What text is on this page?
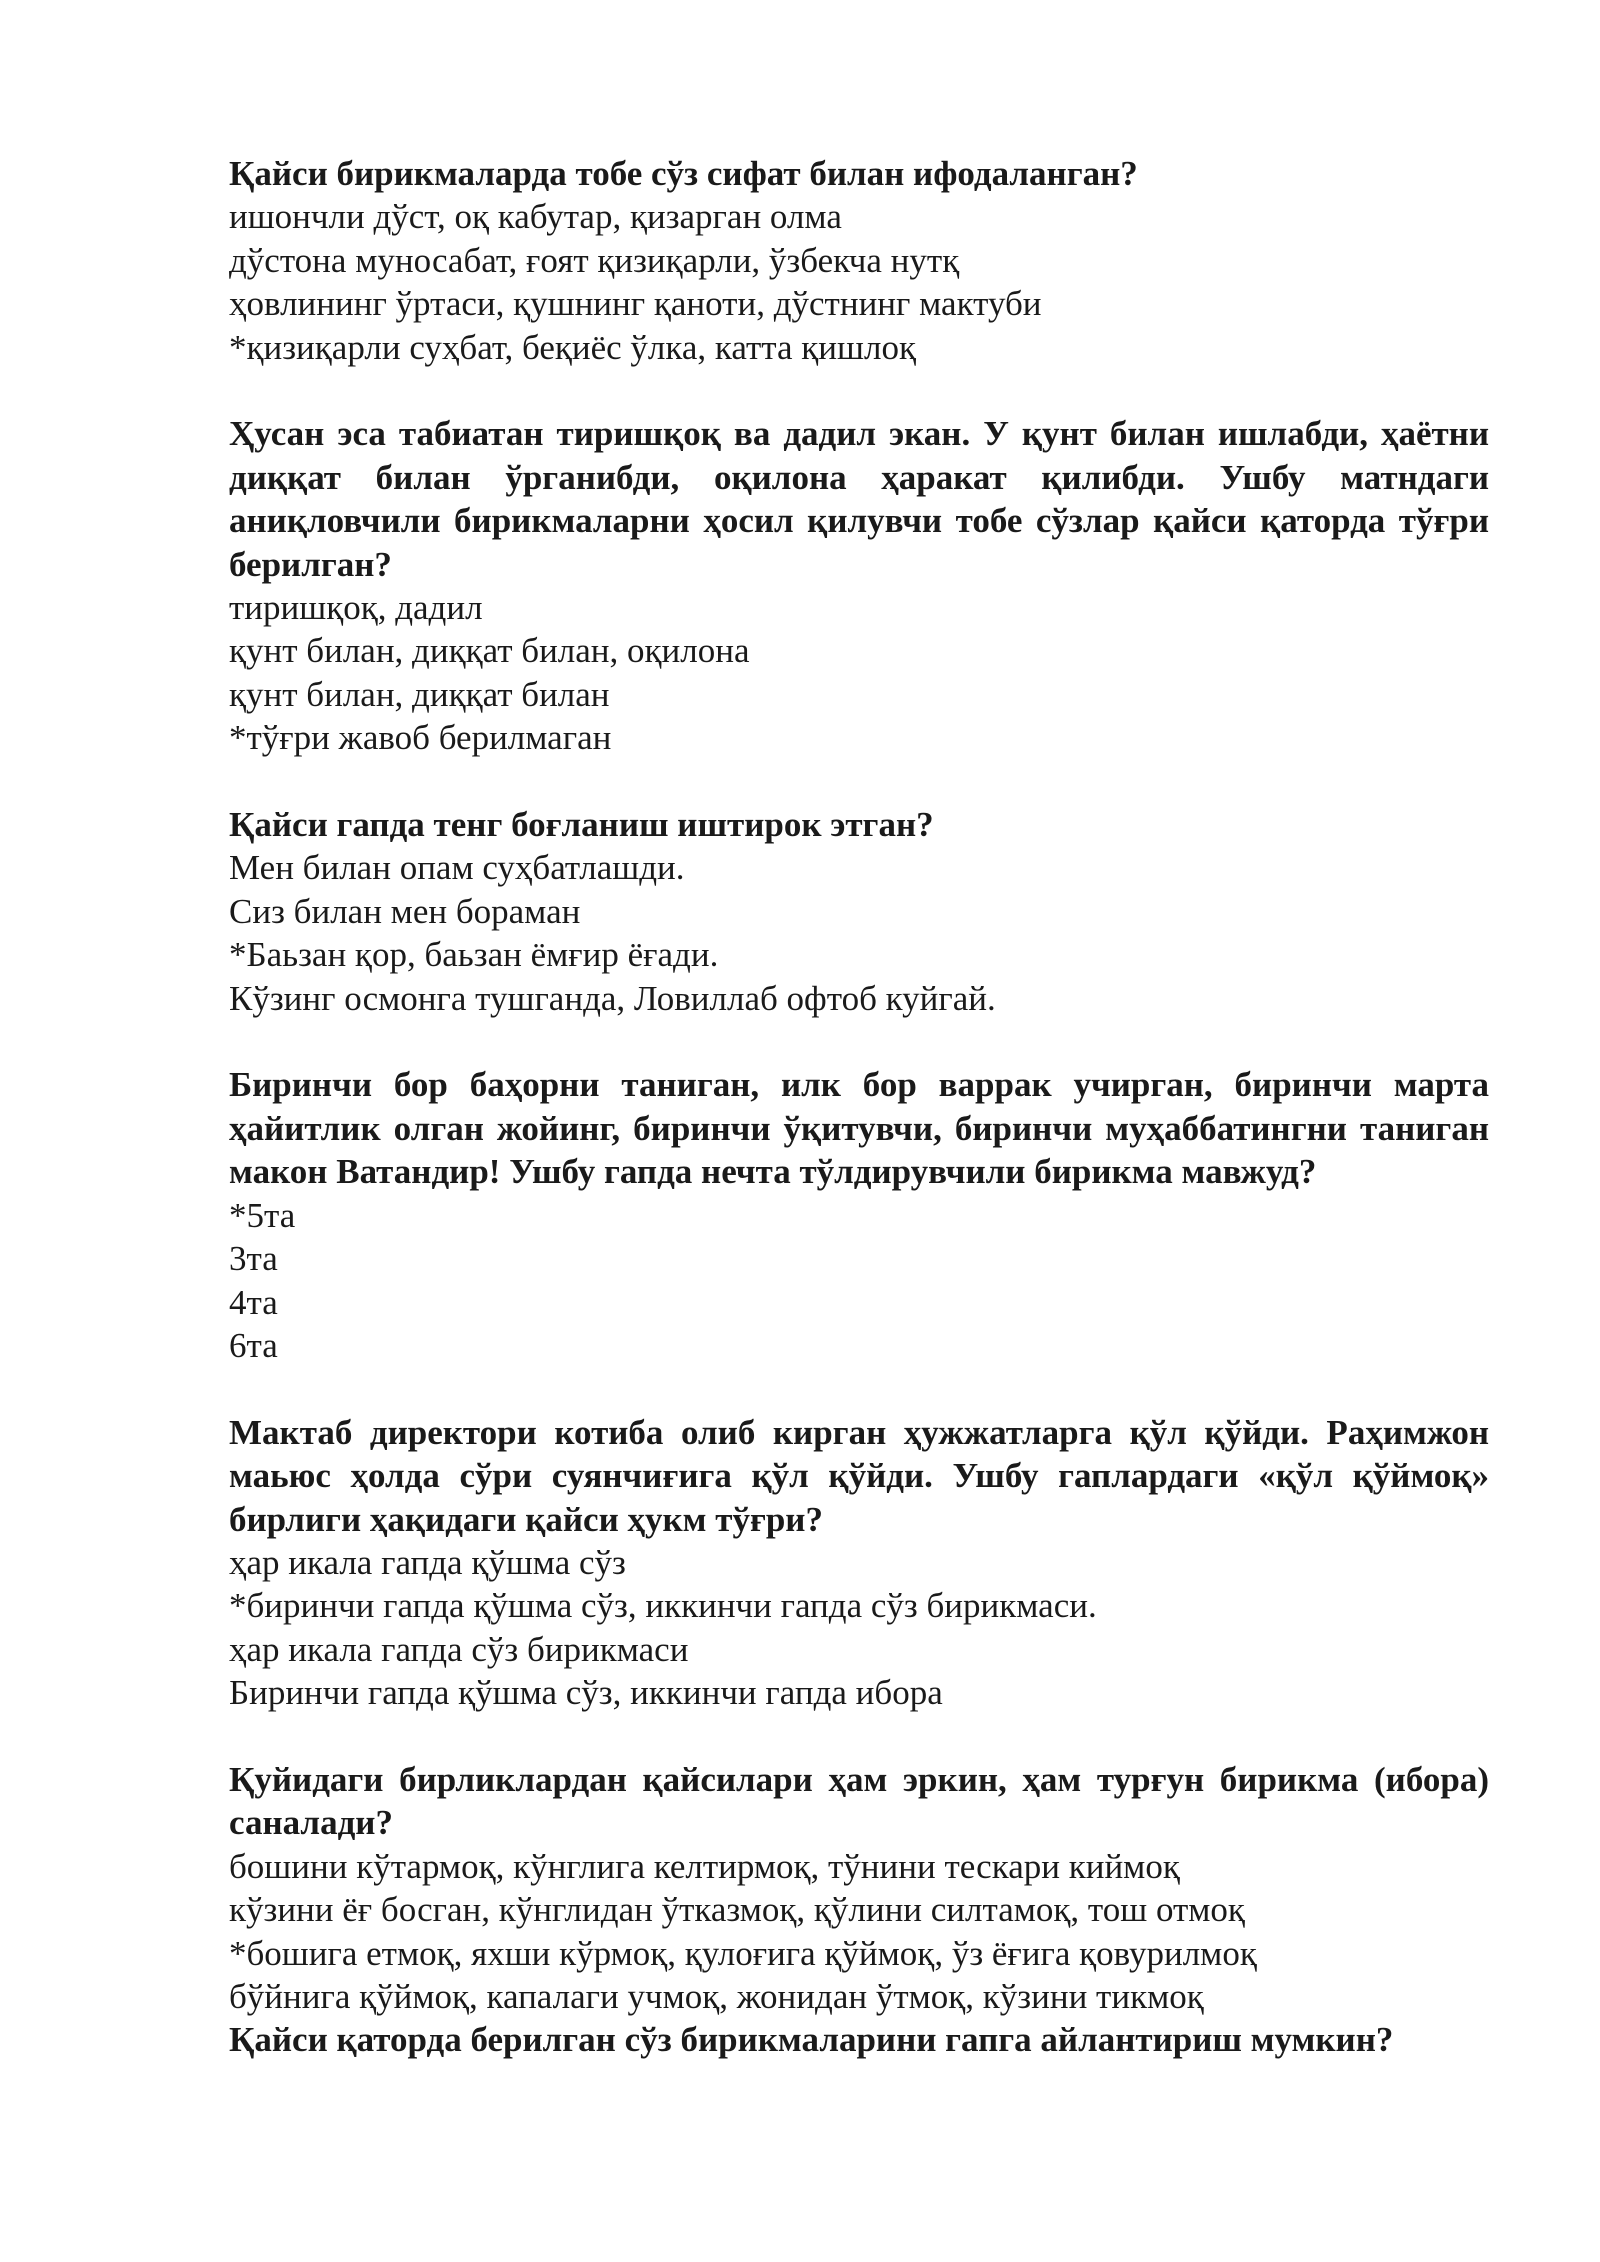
Қайси бирикмаларда тобе сўз сифат билан ифодаланган?

ишончли дўст, оқ кабутар, қизарган олма

дўстона муносабат, ғоят қизиқарли, ўзбекча нутқ

ҳовлининг ўртаси, қушнинг қаноти, дўстнинг мактуби

*қизиқарли суҳбат, беқиёс ўлка, катта қишлоқ

Ҳусан эса табиатан тиришқоқ ва дадил экан. У қунт билан ишлабди, ҳаётни диққат билан ўрганибди, оқилона ҳаракат қилибди. Ушбу матндаги аниқловчили бирикмаларни ҳосил қилувчи тобе сўзлар қайси қаторда тўғри берилган?

тиришқоқ, дадил

қунт билан, диққат билан, оқилона

қунт билан, диққат билан

*тўғри жавоб берилмаган

Қайси гапда тенг боғланиш иштирок этган?

Мен билан опам суҳбатлашди.

Сиз билан мен бораман

*Баьзан қор, баьзан ёмғир ёғади.

Кўзинг осмонга тушганда, Ловиллаб офтоб куйгай.

Биринчи бор баҳорни таниган, илк бор варрак учирган, биринчи марта ҳайитлик олган жойинг, биринчи ўқитувчи, биринчи муҳаббатингни таниган макон Ватандир! Ушбу гапда нечта тўлдирувчили бирикма мавжуд?

*5та

3та

4та

6та

Мактаб директори котиба олиб кирган ҳужжатларга қўл қўйди. Раҳимжон маьюс ҳолда сўри суянчиғига қўл қўйди. Ушбу гаплардаги «қўл қўймоқ» бирлиги ҳақидаги қайси ҳукм тўғри?

ҳар икала гапда қўшма сўз

*биринчи гапда қўшма сўз, иккинчи гапда сўз бирикмаси.

ҳар икала гапда сўз бирикмаси

Биринчи гапда қўшма сўз, иккинчи гапда ибора

Қуйидаги бирликлардан қайсилари ҳам эркин, ҳам турғун бирикма (ибора) саналади?

бошини кўтармоқ, кўнглига келтирмоқ, тўнини тескари киймоқ

кўзини ёғ босган, кўнглидан ўтказмоқ, қўлини силтамоқ, тош отмоқ

*бошига етмоқ, яхши кўрмоқ, қулоғига қўймоқ, ўз ёғига қовурилмоқ

бўйнига қўймоқ, капалаги учмоқ, жонидан ўтмоқ, кўзини тикмоқ

Қайси қаторда берилган сўз бирикмаларини гапга айлантириш мумкин?
